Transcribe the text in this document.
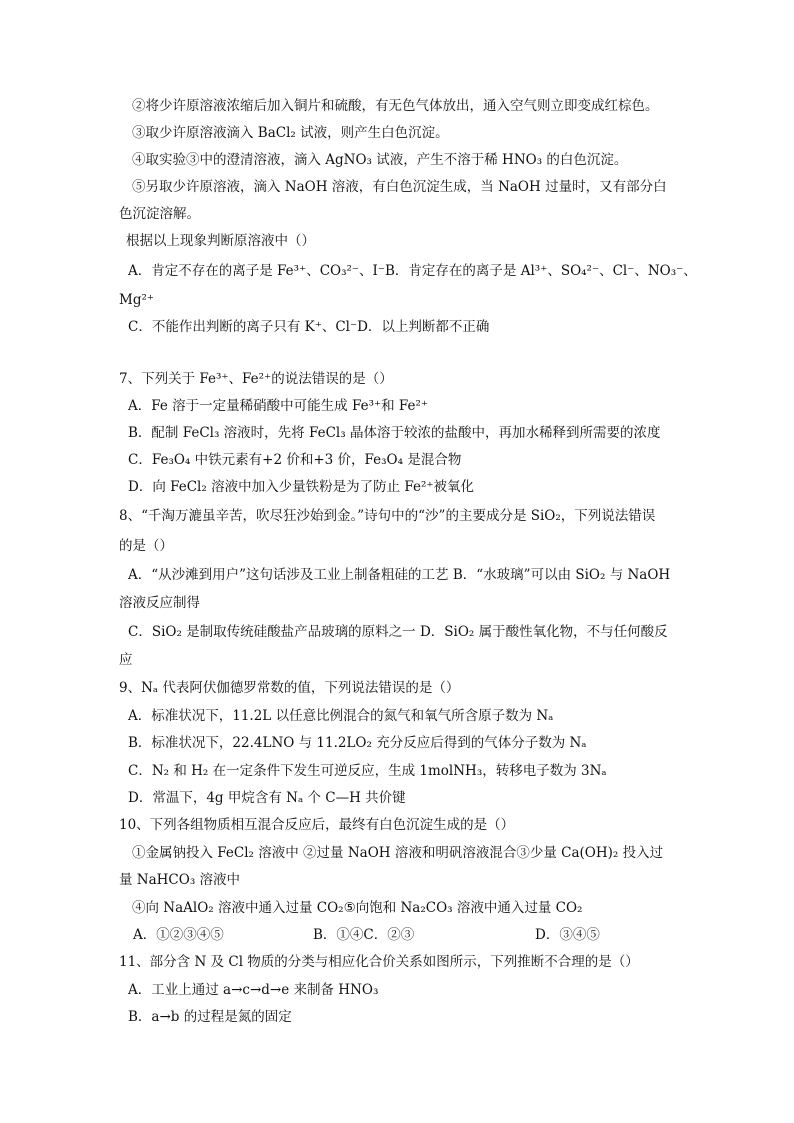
②将少许原溶液浓缩后加入铜片和硫酸，有无色气体放出，通入空气则立即变成红棕色。
③取少许原溶液滴入 BaCl₂ 试液，则产生白色沉淀。
④取实验③中的澄清溶液，滴入 AgNO₃ 试液，产生不溶于稀 HNO₃ 的白色沉淀。
⑤另取少许原溶液，滴入 NaOH 溶液，有白色沉淀生成，当 NaOH 过量时，又有部分白
色沉淀溶解。
根据以上现象判断原溶液中（）
A．肯定不存在的离子是 Fe³⁺、CO₃²⁻、I⁻B．肯定存在的离子是 Al³⁺、SO₄²⁻、Cl⁻、NO₃⁻、
Mg²⁺
C．不能作出判断的离子只有 K⁺、Cl⁻D．以上判断都不正确
7、下列关于 Fe³⁺、Fe²⁺的说法错误的是（）
A．Fe 溶于一定量稀硝酸中可能生成 Fe³⁺和 Fe²⁺
B．配制 FeCl₃ 溶液时，先将 FeCl₃ 晶体溶于较浓的盐酸中，再加水稀释到所需要的浓度
C．Fe₃O₄ 中铁元素有+2 价和+3 价，Fe₃O₄ 是混合物
D．向 FeCl₂ 溶液中加入少量铁粉是为了防止 Fe²⁺被氧化
8、“千淘万漉虽辛苦，吹尽狂沙始到金。”诗句中的“沙”的主要成分是 SiO₂，下列说法错误
的是（）
A．“从沙滩到用户”这句话涉及工业上制备粗硅的工艺 B．“水玻璃”可以由 SiO₂ 与 NaOH
溶液反应制得
C．SiO₂ 是制取传统硅酸盐产品玻璃的原料之一 D．SiO₂ 属于酸性氧化物，不与任何酸反
应
9、Nₐ 代表阿伏伽德罗常数的值，下列说法错误的是（）
A．标准状况下，11.2L 以任意比例混合的氮气和氧气所含原子数为 Nₐ
B．标准状况下，22.4LNO 与 11.2LO₂ 充分反应后得到的气体分子数为 Nₐ
C．N₂ 和 H₂ 在一定条件下发生可逆反应，生成 1molNH₃，转移电子数为 3Nₐ
D．常温下，4g 甲烷含有 Nₐ 个 C—H 共价键
10、下列各组物质相互混合反应后，最终有白色沉淀生成的是（）
①金属钠投入 FeCl₂ 溶液中 ②过量 NaOH 溶液和明矾溶液混合③少量 Ca(OH)₂ 投入过
量 NaHCO₃ 溶液中
④向 NaAlO₂ 溶液中通入过量 CO₂⑤向饱和 Na₂CO₃ 溶液中通入过量 CO₂
A．①②③④⑤	B．①④C．②③	D．③④⑤
11、部分含 N 及 Cl 物质的分类与相应化合价关系如图所示，下列推断不合理的是（）
A．工业上通过 a→c→d→e 来制备 HNO₃
B．a→b 的过程是氮的固定
